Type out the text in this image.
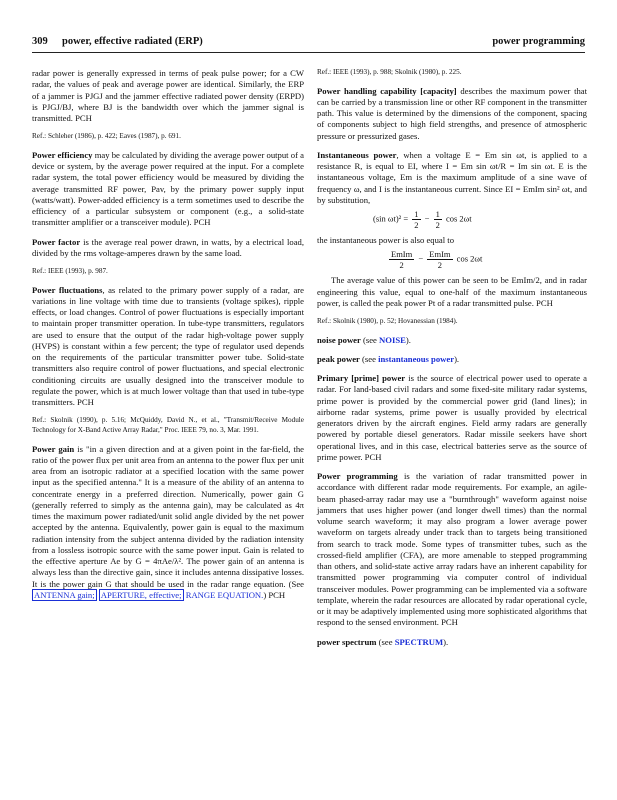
309 power, effective radiated (ERP)	power programming

radar power is generally expressed in terms of peak pulse power; for a CW radar, the values of peak and average power are identical. Similarly, the ERP of a jammer is PJGJ and the jammer effective radiated power density (ERPD) is PJGJ/BJ, where BJ is the bandwidth over which the jammer signal is transmitted. PCH

Ref.: Schleher (1986), p. 422; Eaves (1987), p. 691.

Power efficiency may be calculated by dividing the average power output of a device or system, by the average power required at the input. For a complete radar system, the total power efficiency would be measured by dividing the average transmitted RF power, Pav, by the primary power supply input (watts/watt). Power-added efficiency is a term sometimes used to describe the efficiency of a particular subsystem or component (e.g., a solid-state transmitter amplifier or a transceiver module). PCH

Power factor is the average real power drawn, in watts, by a electrical load, divided by the rms voltage-amperes drawn by the same load.

Ref.: IEEE (1993), p. 987.

Power fluctuations, as related to the primary power supply of a radar, are variations in line voltage with time due to transients (voltage spikes), ripple effects, or load changes. Control of power fluctuations is especially important to maintain proper transmitter operation. In tube-type transmitters, regulators are used to ensure that the output of the radar high-voltage power supply (HVPS) is constant within a few percent; the type of regulator used depends on the requirements of the particular transmitter power tube. Solid-state transmitters also require control of power fluctuations, and special electronic conditioning circuits are usually designed into the transceiver module to regulate the power, which is at much lower voltage than that used in tube-type transmitters. PCH

Ref.: Skolnik (1990), p. 5.16; McQuiddy, David N., et al., "Transmit/Receive Module Technology for X-Band Active Array Radar," Proc. IEEE 79, no. 3, Mar. 1991.

Power gain is "in a given direction and at a given point in the far-field, the ratio of the power flux per unit area from an antenna to the power flux per unit area from an isotropic radiator at a specified location with the same power input as the specified antenna." It is a measure of the ability of an antenna to concentrate energy in a preferred direction. Numerically, power gain G (generally referred to simply as the antenna gain), may be calculated as 4π times the maximum power radiated/unit solid angle divided by the net power accepted by the antenna. Equivalently, power gain is equal to the maximum radiation intensity from the subject antenna divided by the radiation intensity from a lossless isotropic source with the same power input. Gain is related to the effective aperture Ae by G = 4πAe/λ². The power gain of an antenna is always less than the directive gain, since it includes antenna dissipative losses. It is the power gain G that should be used in the radar range equation. (See ANTENNA gain; APERTURE, effective; RANGE EQUATION.) PCH

Ref.: IEEE (1993), p. 988; Skolnik (1980), p. 225.

Power handling capability [capacity] describes the maximum power that can be carried by a transmission line or other RF component in the transmitter path. This value is determined by the dimensions of the component, spacing of components subject to high field strengths, and presence of atmospheric pressure or pressurized gases.

Instantaneous power, when a voltage E = Em sin ωt, is applied to a resistance R, is equal to EI, where I = Em sin ωt/R = Im sin ωt. E is the instantaneous voltage, Em is the maximum amplitude of a sine wave of frequency ω, and I is the instantaneous current. Since EI = EmIm sin² ωt, and by substitution,

(sin $\omega t)^2 = \frac{1}{2} - \frac{1}{2}$ cos 2ωt
the instantaneous power is also equal to
$\frac{\text{EmIm}}{2} - \frac{\text{EmIm}}{2}$ cos 2ωt

The average value of this power can be seen to be EmIm/2, and in radar engineering this value, equal to one-half of the maximum instantaneous power, is called the peak power Pt of a radar transmitted pulse. PCH

Ref.: Skolnik (1980), p. 52; Hovanessian (1984).

noise power (see NOISE).

peak power (see instantaneous power).

Primary [prime] power is the source of electrical power used to operate a radar. For land-based civil radars and some fixed-site military radar systems, prime power is provided by the commercial power grid (land lines); in airborne radar systems, prime power is usually provided by electrical generators driven by the aircraft engines. Field army radars are generally powered by portable diesel generators. Radar missile seekers have short operational lives, and in this case, electrical batteries serve as the source of prime power. PCH

Power programming is the variation of radar transmitted power in accordance with different radar mode requirements. For example, an agile-beam phased-array radar may use a "burnthrough" waveform against noise jammers that uses higher power (and longer dwell times) than the normal volume search waveform; it may also program a lower average power waveform on targets already under track than to targets being transitioned from search to track mode. Some types of transmitter tubes, such as the crossed-field amplifier (CFA), are more amenable to stepped programming than others, and solid-state active array radars have an inherent capability for transmitted power programming via computer control of individual transceiver modules. Power programming can be implemented via a software template, wherein the radar resources are allocated by radar operational cycle, or it may be adaptively implemented using more sophisticated algorithms that respond to the sensed environment. PCH

power spectrum (see SPECTRUM).
